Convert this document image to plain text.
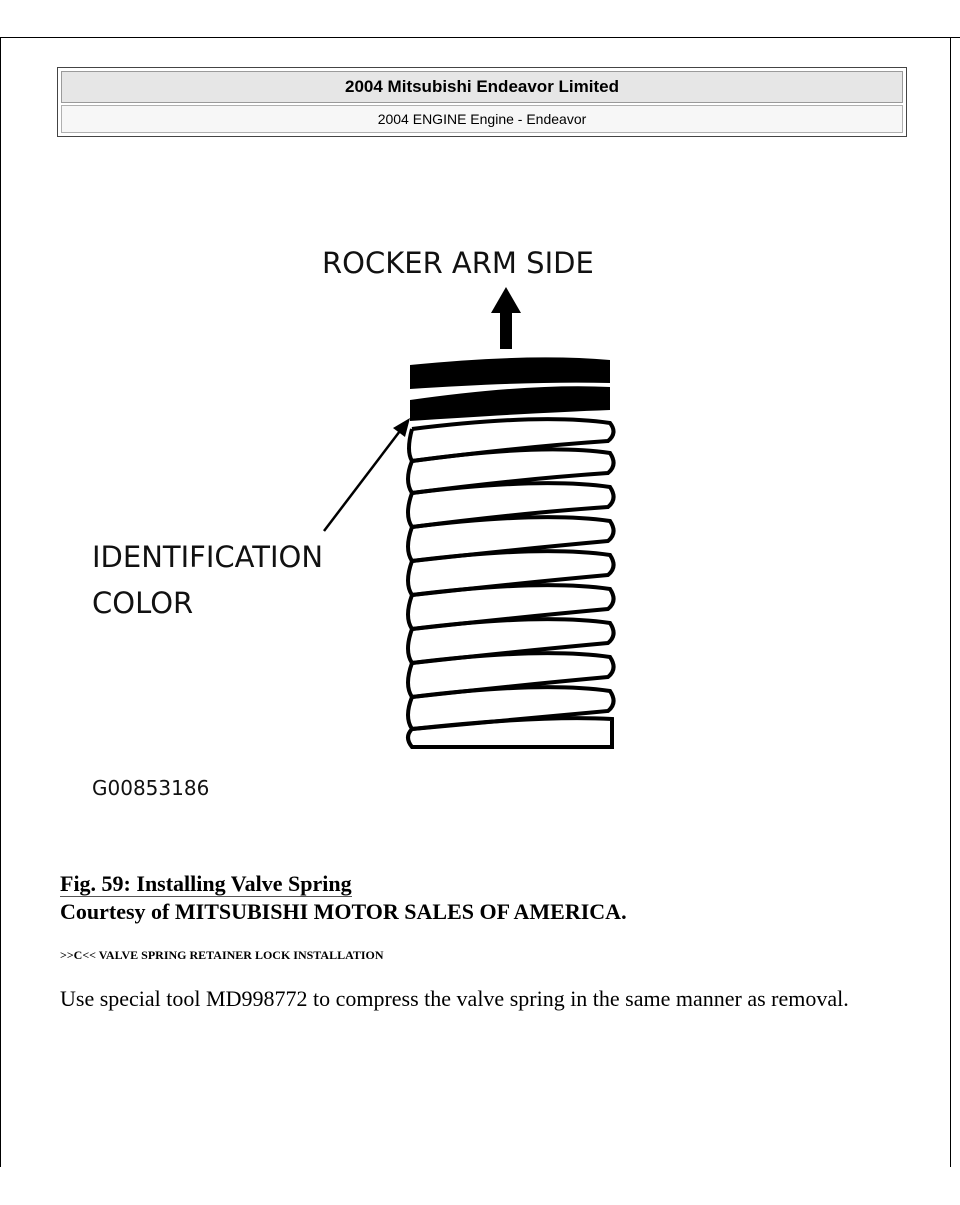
2004 Mitsubishi Endeavor Limited
2004 ENGINE Engine - Endeavor
ROCKER ARM SIDE
IDENTIFICATION
COLOR
G00853186
Fig. 59: Installing Valve Spring
Courtesy of MITSUBISHI MOTOR SALES OF AMERICA.
>>C<< VALVE SPRING RETAINER LOCK INSTALLATION
Use special tool MD998772 to compress the valve spring in the same manner as removal.
